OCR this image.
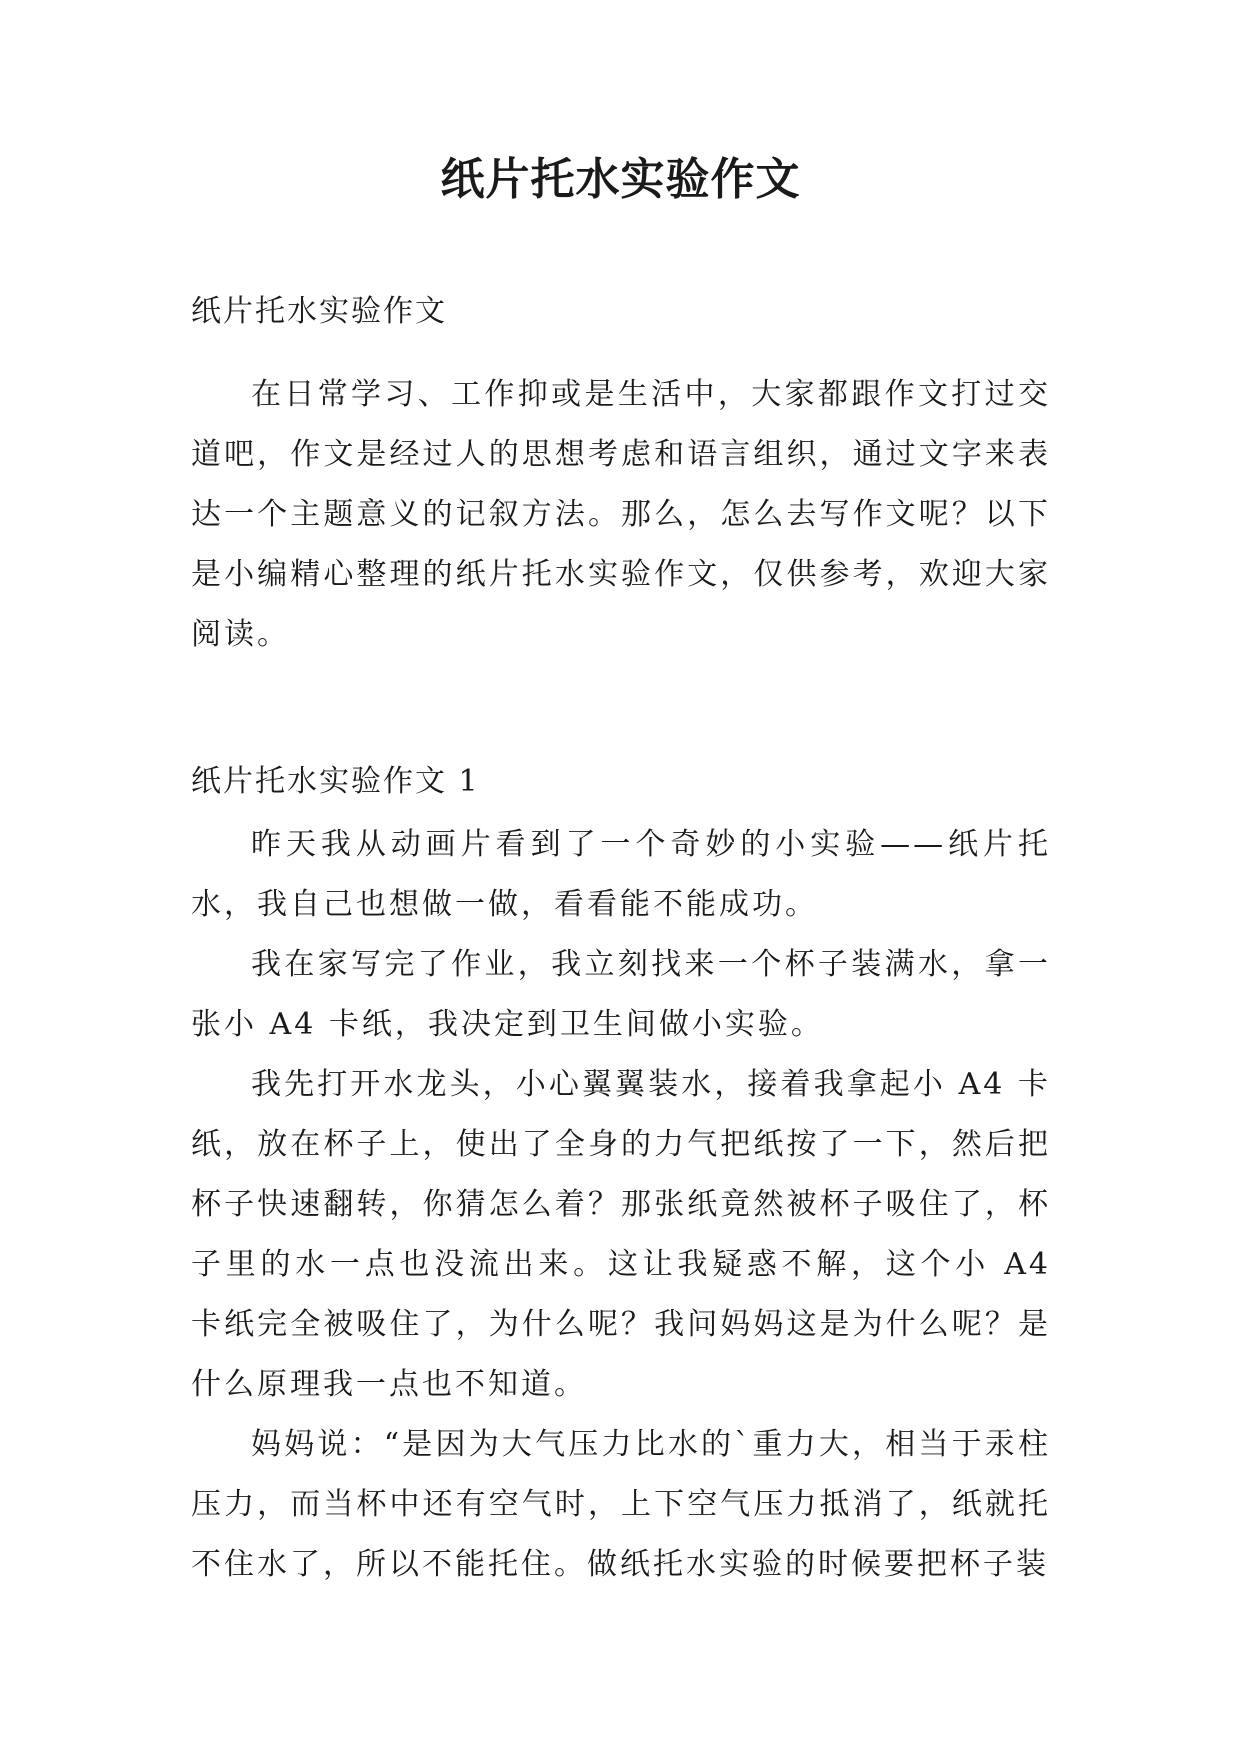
纸片托水实验作文

纸片托水实验作文

在日常学习、工作抑或是生活中，大家都跟作文打过交道吧，作文是经过人的思想考虑和语言组织，通过文字来表达一个主题意义的记叙方法。那么，怎么去写作文呢？以下是小编精心整理的纸片托水实验作文，仅供参考，欢迎大家阅读。

纸片托水实验作文 1

昨天我从动画片看到了一个奇妙的小实验——纸片托水，我自己也想做一做，看看能不能成功。

我在家写完了作业，我立刻找来一个杯子装满水，拿一张小 A4 卡纸，我决定到卫生间做小实验。

我先打开水龙头，小心翼翼装水，接着我拿起小 A4 卡纸，放在杯子上，使出了全身的力气把纸按了一下，然后把杯子快速翻转，你猜怎么着？那张纸竟然被杯子吸住了，杯子里的水一点也没流出来。这让我疑惑不解，这个小 A4 卡纸完全被吸住了，为什么呢？我问妈妈这是为什么呢？是什么原理我一点也不知道。

妈妈说：“是因为大气压力比水的`重力大，相当于汞柱压力，而当杯中还有空气时，上下空气压力抵消了，纸就托不住水了，所以不能托住。做纸托水实验的时候要把杯子装
